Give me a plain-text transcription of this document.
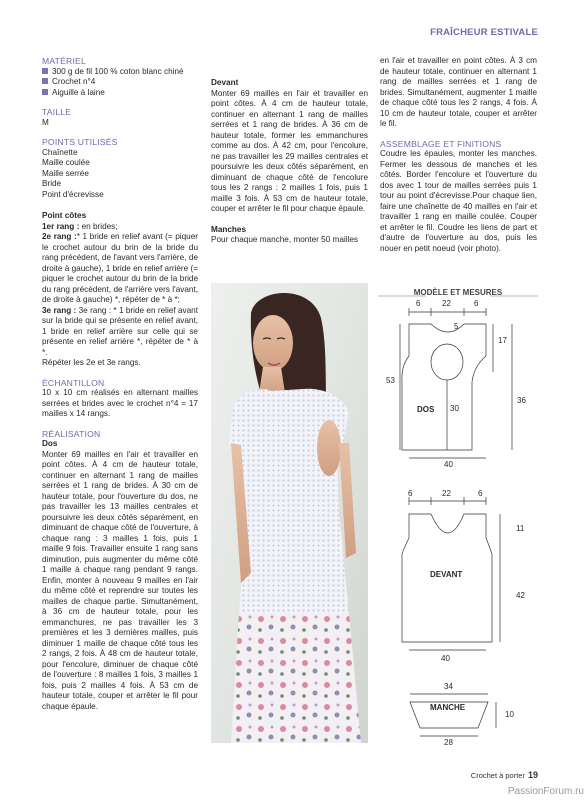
FRAÎCHEUR ESTIVALE

MATÉRIEL

300 g de fil 100 % coton blanc chiné

Crochet n°4

Aiguille à laine

TAILLE

M

POINTS UTILISÉS

Chaînette

Maille coulée

Maille serrée

Bride

Point d'écrevisse

Point côtes

1er rang : en brides;

2e rang :* 1 bride en relief avant (= piquer le crochet autour du brin de la bride du rang précédent, de l'avant vers l'arrière, de droite à gauche), 1 bride en relief arrière (= piquer le crochet autour du brin de la bride du rang précédent, de l'arrière vers l'avant, de droite à gauche) *, répéter de * à *;

3e rang : 3e rang : * 1 bride en relief avant sur la bride qui se présente en relief avant, 1 bride en relief arrière sur celle qui se présente en relief arrière *, répéter de * à *.

Répéter les 2e et 3e rangs.

ÉCHANTILLON

10 x 10 cm réalisés en alternant mailles serrées et brides avec le crochet n°4 = 17 mailles x 14 rangs.

RÉALISATION

Dos

Monter 69 mailles en l'air et travailler en point côtes. À 4 cm de hauteur totale, continuer en alternant 1 rang de mailles serrées et 1 rang de brides. À 30 cm de hauteur totale, pour l'ouverture du dos, ne pas travailler les 13 mailles centrales et poursuivre les deux côtés séparément, en diminuant de chaque côté de l'ouverture, à chaque rang : 3 mailles 1 fois, puis 1 maille 9 fois. Travailler ensuite 1 rang sans diminution, puis augmenter du même côté 1 maille à chaque rang pendant 9 rangs. Enfin, monter à nouveau 9 mailles en l'air du même côté et reprendre sur toutes les mailles de chaque partie. Simultanément, à 36 cm de hauteur totale, pour les emmanchures, ne pas travailler les 3 premières et les 3 dernières mailles, puis diminuer 1 maille de chaque côté tous les 2 rangs, 2 fois. À 48 cm de hauteur totale, pour l'encolure, diminuer de chaque côté de l'ouverture : 8 mailles 1 fois, 3 mailles 1 fois, puis 2 mailles 4 fois. À 53 cm de hauteur totale, couper et arrêter le fil pour chaque épaule.

Devant

Monter 69 mailles en l'air et travailler en point côtes. À 4 cm de hauteur totale, continuer en alternant 1 rang de mailles serrées et 1 rang de brides. À 36 cm de hauteur totale, former les emmanchures comme au dos. À 42 cm, pour l'encolure, ne pas travailler les 29 mailles centrales et poursuivre les deux côtés séparément, en diminuant de chaque côté de l'encolure tous les 2 rangs : 2 mailles 1 fois, puis 1 maille 3 fois. À 53 cm de hauteur totale, couper et arrêter le fil pour chaque épaule.

Manches

Pour chaque manche, monter 50 mailles

en l'air et travailler en point côtes. À 3 cm de hauteur totale, continuer en alternant 1 rang de mailles serrées et 1 rang de brides. Simultanément, augmenter 1 maille de chaque côté tous les 2 rangs, 4 fois. À 10 cm de hauteur totale, couper et arrêter le fil.

ASSEMBLAGE ET FINITIONS

Coudre les épaules, monter les manches. Fermer les dessous de manches et les côtés. Border l'encolure et l'ouverture du dos avec 1 tour de mailles serrées puis 1 tour au point d'écrevisse.Pour chaque lien, faire une chaînette de 40 mailles en l'air et travailler 1 rang en maille coulée. Couper et arrêter le fil. Coudre les liens de part et d'autre de l'ouverture au dos, puis les nouer en petit noeud (voir photo).

MODÈLE ET MESURES
6	22	6
5
17
53
36
30
DOS
40
6	22	6
11
DEVANT
42
40
34
MANCHE
10
28
Crochet à porter 19
PassionForum.ru
